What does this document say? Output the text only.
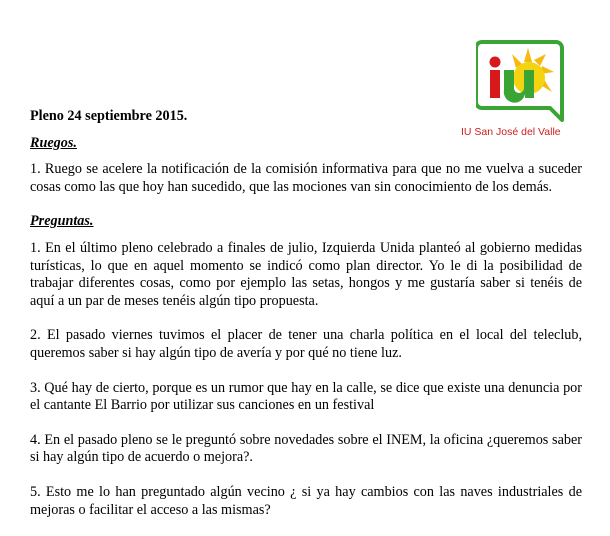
IU San José del Valle

Pleno 24 septiembre 2015.

Ruegos.

1. Ruego se acelere la notificación de la comisión informativa para que no me vuelva a suceder cosas como las que hoy han sucedido, que las mociones van sin conocimiento de los demás.

Preguntas.

1. En el último pleno celebrado a finales de julio, Izquierda Unida planteó al gobierno medidas turísticas, lo que en aquel momento se indicó como plan director. Yo le di la posibilidad de trabajar diferentes cosas, como por ejemplo las setas, hongos y me gustaría saber si tenéis de aquí a un par de meses tenéis algún tipo propuesta.

2. El pasado viernes tuvimos el placer de tener una charla política en el local del teleclub, queremos saber si hay algún tipo de avería y por qué no tiene luz.

3. Qué hay de cierto, porque es un rumor que hay en la calle, se dice que existe una denuncia por el cantante El Barrio por utilizar sus canciones en un festival

4. En el pasado pleno se le preguntó sobre novedades sobre el INEM, la oficina ¿queremos saber si hay algún tipo de acuerdo o mejora?.

5. Esto me lo han preguntado algún vecino ¿ si ya hay cambios con las naves industriales de mejoras o facilitar el acceso a las mismas?
